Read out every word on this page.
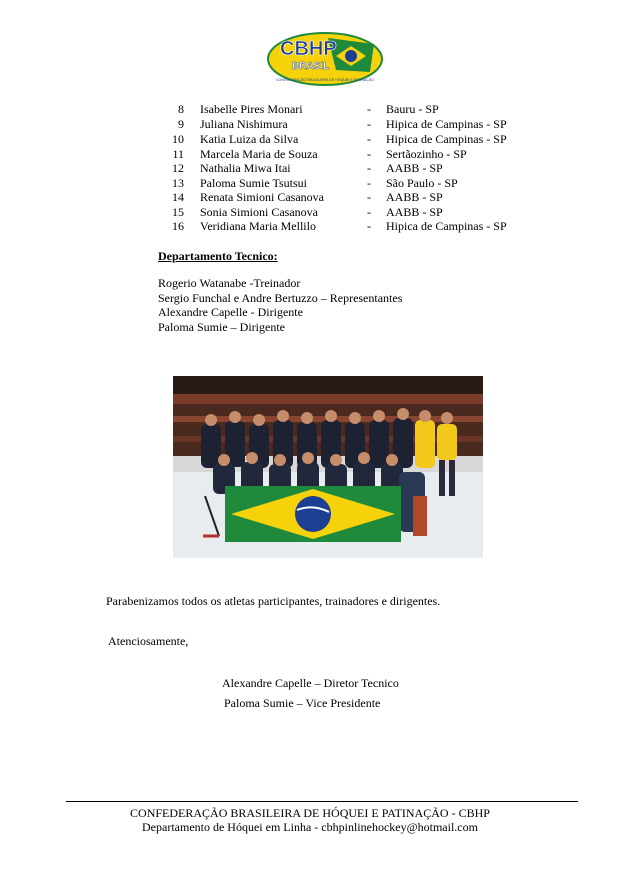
CBHP
BRASIL
CONFEDERAÇÃO BRASILEIRA DE HÓQUEI E PATINAÇÃO
8 Isabelle Pires Monari	- Bauru - SP
9 Juliana Nishimura	- Hipica de Campinas - SP
10 Katia Luiza da Silva	- Hipica de Campinas - SP
11 Marcela Maria de Souza	- Sertãozinho - SP
12 Nathalia Miwa Itai	- AABB - SP
13 Paloma Sumie Tsutsui	- São Paulo - SP
14 Renata Simioni Casanova	- AABB - SP
15 Sonia Simioni Casanova	- AABB - SP
16 Veridiana Maria Mellilo	- Hipica de Campinas - SP
Departamento Tecnico:
Rogerio Watanabe -Treinador
Sergio Funchal e Andre Bertuzzo – Representantes
Alexandre Capelle - Dirigente
Paloma Sumie – Dirigente
Parabenizamos todos os atletas participantes, trainadores e dirigentes.
Atenciosamente,
Alexandre Capelle – Diretor Tecnico
Paloma Sumie – Vice Presidente
CONFEDERAÇÃO BRASILEIRA DE HÓQUEI E PATINAÇÃO - CBHP
Departamento de Hóquei em Linha - cbhpinlinehockey@hotmail.com
